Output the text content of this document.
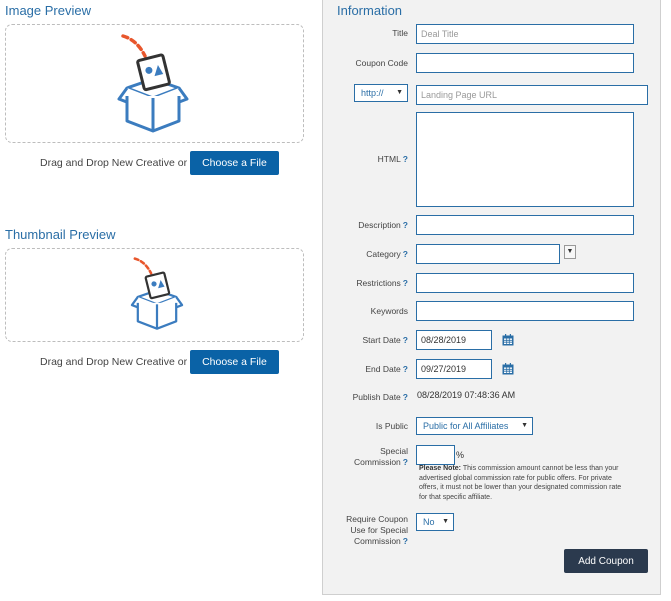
Image Preview
Drag and Drop New Creative or	Choose a File
Thumbnail Preview
Drag and Drop New Creative or	Choose a File
Information
Title	Deal Title
Coupon Code
http:// ▼	Landing Page URL
HTML ?
Description ?
Category ?	▼
Restrictions ?
Keywords
Start Date ?	08/28/2019
End Date ?	09/27/2019
Publish Date ? 08/28/2019 07:48:36 AM
Is Public	Public for All Affiliates ▼
Special
Commission ?
%
Please Note: This commission amount cannot be less than your advertised global commission rate for public offers. For private offers, it must not be lower than your designated commission rate for that specific affiliate.
Require Coupon
Use for Special
Commission ?
No ▼
Add Coupon
